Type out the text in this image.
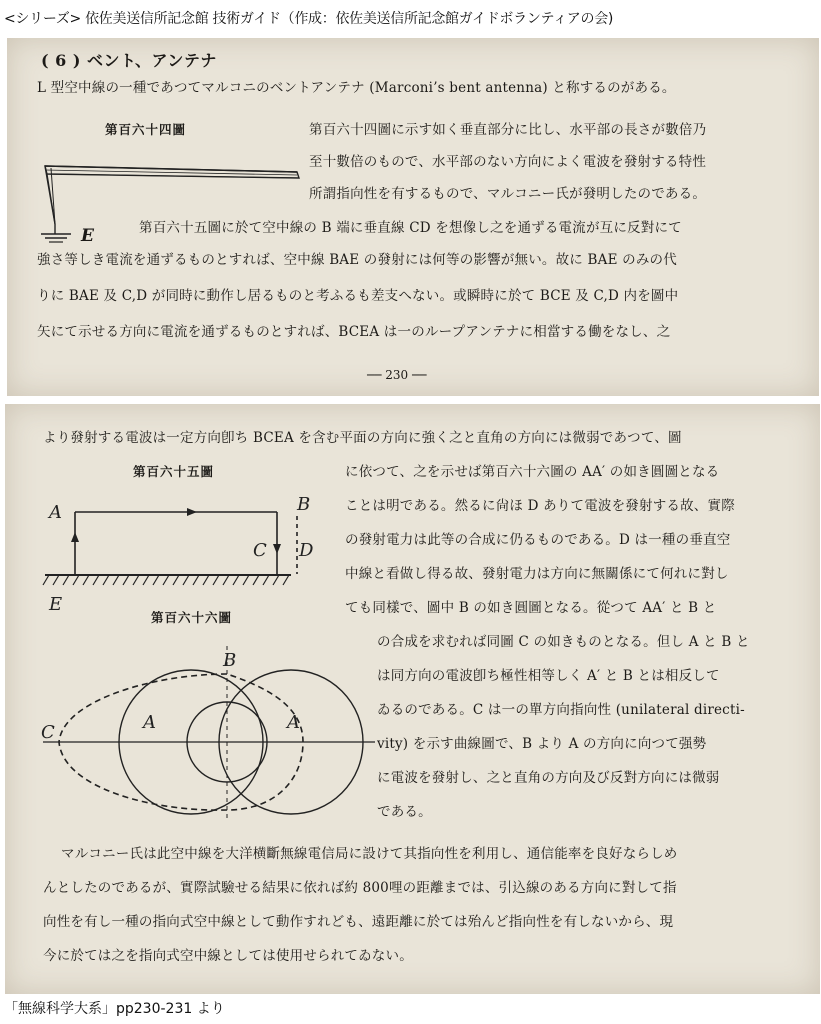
<シリーズ> 依佐美送信所記念館 技術ガイド（作成：依佐美送信所記念館ガイドボランティアの会)
( 6 ) ベント、アンテナ
L 型空中線の一種であつてマルコニのベントアンテナ (Marconi’s bent antenna) と称するのがある。
第百六十四圖
E
第百六十四圖に示す如く垂直部分に比し、水平部の長さが數倍乃
至十數倍のもので、水平部のない方向によく電波を發射する特性
所謂指向性を有するもので、マルコニー氏が發明したのである。
第百六十五圖に於て空中線の B 端に垂直線 CD を想像し之を通ずる電流が互に反對にて
強さ等しき電流を通ずるものとすれば、空中線 BAE の發射には何等の影響が無い。故に BAE のみの代
りに BAE 及 C,D が同時に動作し居るものと考ふるも差支へない。或瞬時に於て BCE 及 C,D 内を圖中
矢にて示せる方向に電流を通ずるものとすれば、BCEA は一のループアンテナに相當する働をなし、之
── 230 ──
より發射する電波は一定方向卽ち BCEA を含む平面の方向に強く之と直角の方向には微弱であつて、圖
第百六十五圖
A	B
C D
E
第百六十六圖
B
A	A
C
に依つて、之を示せば第百六十六圖の AA′ の如き圓圖となる
ことは明である。然るに尙ほ D ありて電波を發射する故、實際
の發射電力は此等の合成に仍るものである。D は一種の垂直空
中線と看做し得る故、發射電力は方向に無關係にて何れに對し
ても同樣で、圖中 B の如き圓圖となる。從つて AA′ と B と
の合成を求むれば同圖 C の如きものとなる。但し A と B と
は同方向の電波卽ち極性相等しく A′ と B とは相反して
ゐるのである。C は一の單方向指向性 (unilateral directi-
vity) を示す曲線圖で、B より A の方向に向つて强勢
に電波を發射し、之と直角の方向及び反對方向には微弱
である。
マルコニー氏は此空中線を大洋横斷無線電信局に設けて其指向性を利用し、通信能率を良好ならしめ
んとしたのであるが、實際試驗せる結果に依れば約 800哩の距離までは、引込線のある方向に對して指
向性を有し一種の指向式空中線として動作すれども、遠距離に於ては殆んど指向性を有しないから、現
今に於ては之を指向式空中線としては使用せられてゐない。
「無線科学大系」pp230-231 より
